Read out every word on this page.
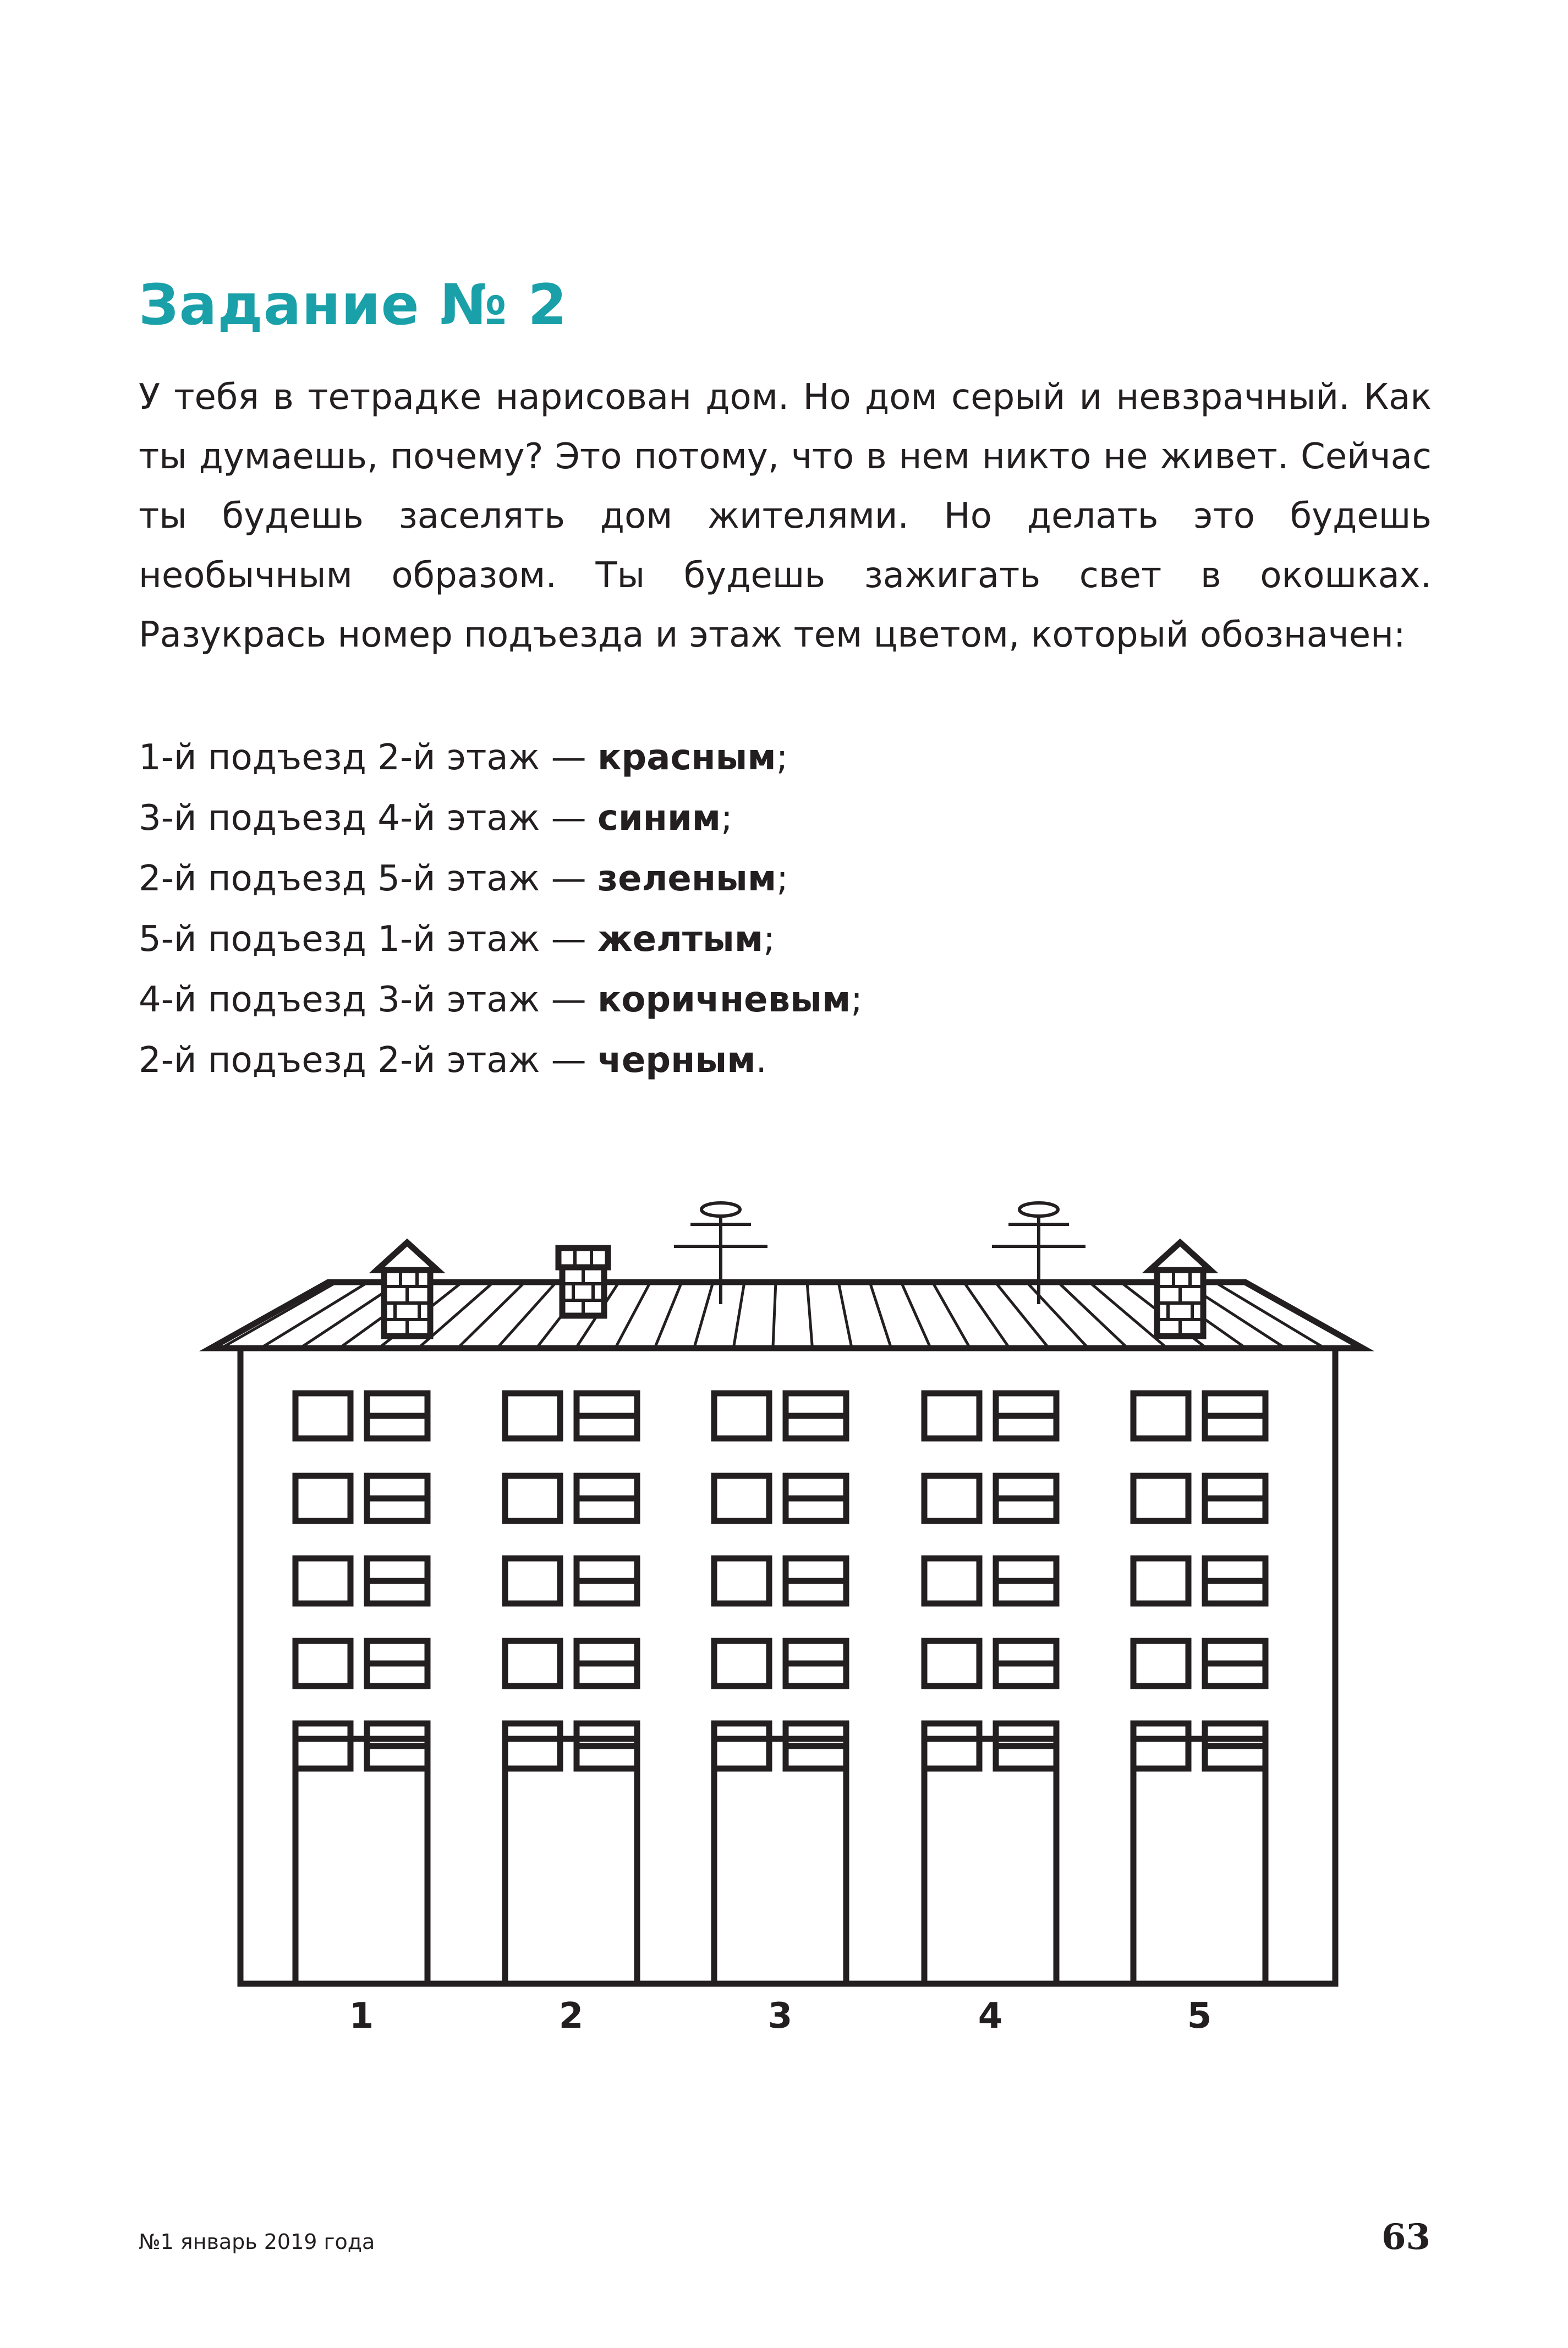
Задание № 2

У тебя в тетрадке нарисован дом. Но дом серый и невзрачный. Как ты думаешь, почему? Это потому, что в нем никто не живет. Сейчас ты будешь заселять дом жителями. Но делать это будешь необычным образом. Ты будешь зажигать свет в окошках. Разукрась номер подъезда и этаж тем цветом, который обозначен:

1-й подъезд 2-й этаж — красным;
3-й подъезд 4-й этаж — синим;
2-й подъезд 5-й этаж — зеленым;
5-й подъезд 1-й этаж — желтым;
4-й подъезд 3-й этаж — коричневым;
2-й подъезд 2-й этаж — черным.
1	2	3	4	5
№1 январь 2019 года	63
